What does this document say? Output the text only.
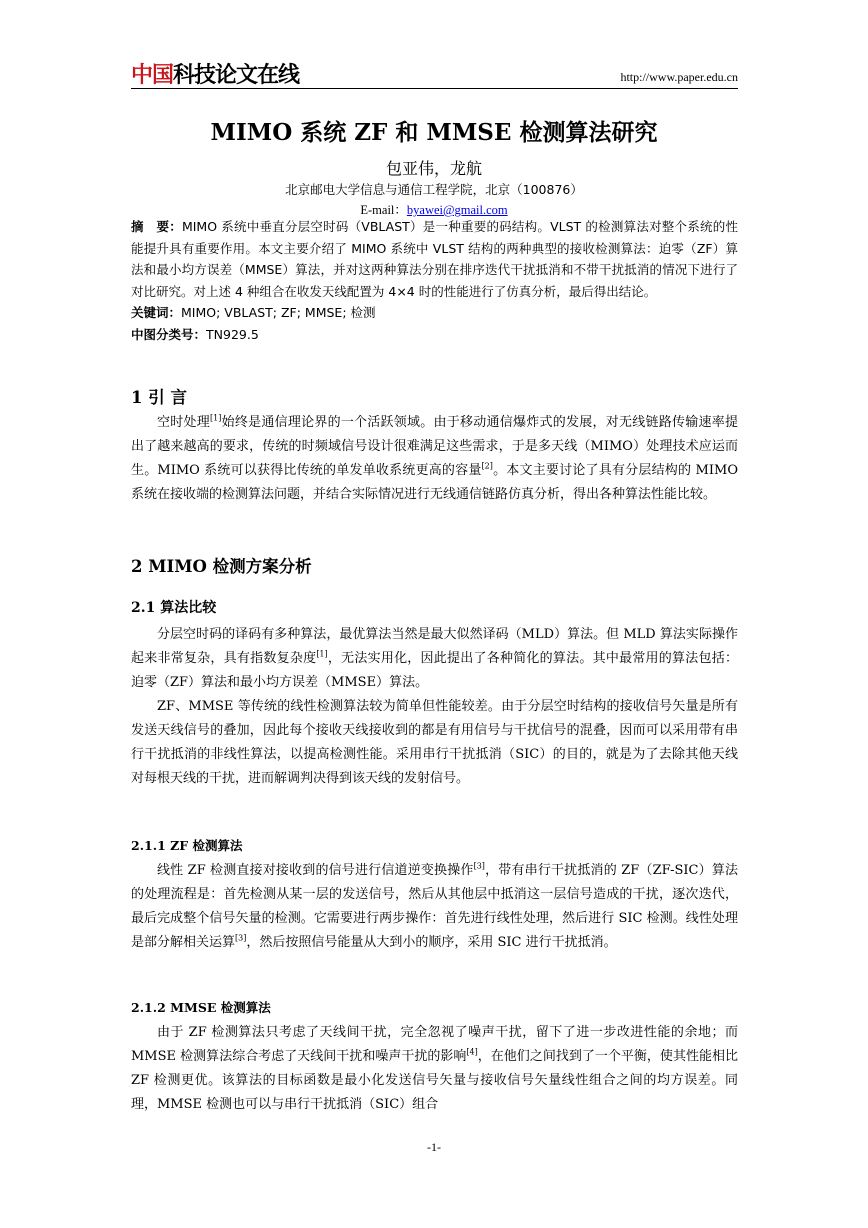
中国科技论文在线	http://www.paper.edu.cn
MIMO 系统 ZF 和 MMSE 检测算法研究
包亚伟，龙航
北京邮电大学信息与通信工程学院，北京（100876）
E-mail：byawei@gmail.com

摘　要：MIMO 系统中垂直分层空时码（VBLAST）是一种重要的码结构。VLST 的检测算法对整个系统的性能提升具有重要作用。本文主要介绍了 MIMO 系统中 VLST 结构的两种典型的接收检测算法：迫零（ZF）算法和最小均方误差（MMSE）算法，并对这两种算法分别在排序迭代干扰抵消和不带干扰抵消的情况下进行了对比研究。对上述 4 种组合在收发天线配置为 4×4 时的性能进行了仿真分析，最后得出结论。

关键词：MIMO; VBLAST; ZF; MMSE; 检测

中图分类号：TN929.5

1 引 言

空时处理[1]始终是通信理论界的一个活跃领域。由于移动通信爆炸式的发展，对无线链路传输速率提出了越来越高的要求，传统的时频域信号设计很难满足这些需求，于是多天线（MIMO）处理技术应运而生。MIMO 系统可以获得比传统的单发单收系统更高的容量[2]。本文主要讨论了具有分层结构的 MIMO 系统在接收端的检测算法问题，并结合实际情况进行无线通信链路仿真分析，得出各种算法性能比较。

2 MIMO 检测方案分析
2.1 算法比较

分层空时码的译码有多种算法，最优算法当然是最大似然译码（MLD）算法。但 MLD 算法实际操作起来非常复杂，具有指数复杂度[1]，无法实用化，因此提出了各种简化的算法。其中最常用的算法包括：迫零（ZF）算法和最小均方误差（MMSE）算法。

ZF、MMSE 等传统的线性检测算法较为简单但性能较差。由于分层空时结构的接收信号矢量是所有发送天线信号的叠加，因此每个接收天线接收到的都是有用信号与干扰信号的混叠，因而可以采用带有串行干扰抵消的非线性算法，以提高检测性能。采用串行干扰抵消（SIC）的目的，就是为了去除其他天线对每根天线的干扰，进而解调判决得到该天线的发射信号。

2.1.1 ZF 检测算法

线性 ZF 检测直接对接收到的信号进行信道逆变换操作[3]，带有串行干扰抵消的 ZF（ZF-SIC）算法的处理流程是：首先检测从某一层的发送信号，然后从其他层中抵消这一层信号造成的干扰，逐次迭代，最后完成整个信号矢量的检测。它需要进行两步操作：首先进行线性处理，然后进行 SIC 检测。线性处理是部分解相关运算[3]，然后按照信号能量从大到小的顺序，采用 SIC 进行干扰抵消。

2.1.2 MMSE 检测算法

由于 ZF 检测算法只考虑了天线间干扰，完全忽视了噪声干扰，留下了进一步改进性能的余地；而 MMSE 检测算法综合考虑了天线间干扰和噪声干扰的影响[4]，在他们之间找到了一个平衡，使其性能相比 ZF 检测更优。该算法的目标函数是最小化发送信号矢量与接收信号矢量线性组合之间的均方误差。同理，MMSE 检测也可以与串行干扰抵消（SIC）组合

-1-
